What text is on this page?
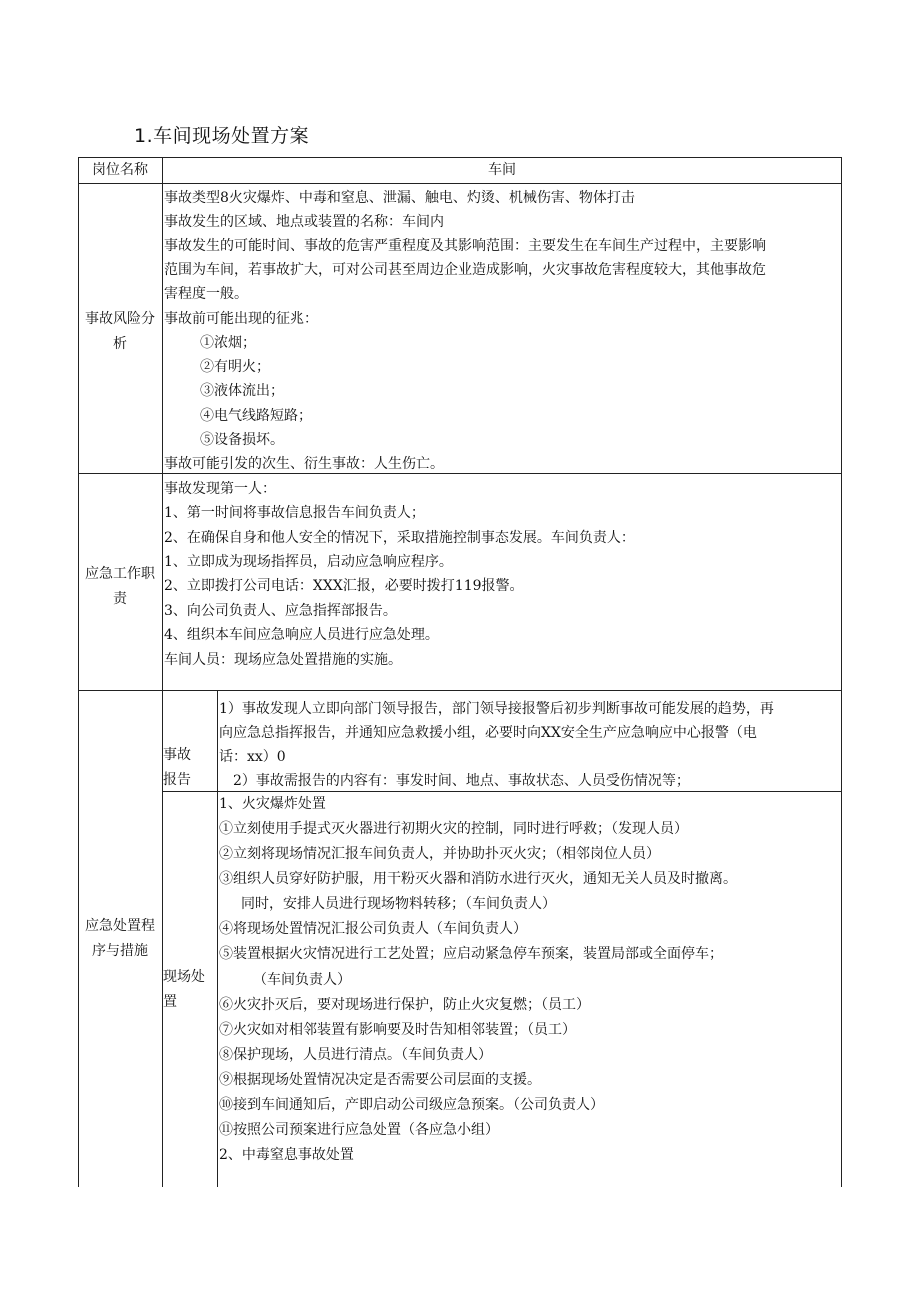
1.车间现场处置方案
岗位名称	车间
事故风险分
析
事故类型8火灾爆炸、中毒和窒息、泄漏、触电、灼烫、机械伤害、物体打击
事故发生的区域、地点或装置的名称：车间内
事故发生的可能时间、事故的危害严重程度及其影响范围：主要发生在车间生产过程中，主要影响
范围为车间，若事故扩大，可对公司甚至周边企业造成影响，火灾事故危害程度较大，其他事故危
害程度一般。
事故前可能出现的征兆：
①浓烟；
②有明火；
③液体流出；
④电气线路短路；
⑤设备损坏。
事故可能引发的次生、衍生事故：人生伤亡。
应急工作职
责
事故发现第一人：
1、第一时间将事故信息报告车间负责人；
2、在确保自身和他人安全的情况下，采取措施控制事态发展。车间负责人：
1、立即成为现场指挥员，启动应急响应程序。
2、立即拨打公司电话：XXX汇报，必要时拨打119报警。
3、向公司负责人、应急指挥部报告。
4、组织本车间应急响应人员进行应急处理。
车间人员：现场应急处置措施的实施。
应急处置程
序与措施
事故
报告
1）事故发现人立即向部门领导报告，部门领导接报警后初步判断事故可能发展的趋势，再
向应急总指挥报告，并通知应急救援小组，必要时向XX安全生产应急响应中心报警（电
话：xx）0
2）事故需报告的内容有：事发时间、地点、事故状态、人员受伤情况等；
现场处
置
1、火灾爆炸处置
①立刻使用手提式灭火器进行初期火灾的控制，同时进行呼救；（发现人员）
②立刻将现场情况汇报车间负责人，并协助扑灭火灾；（相邻岗位人员）
③组织人员穿好防护服，用干粉灭火器和消防水进行灭火，通知无关人员及时撤离。
同时，安排人员进行现场物料转移；（车间负责人）
④将现场处置情况汇报公司负责人（车间负责人）
⑤装置根据火灾情况进行工艺处置；应启动紧急停车预案，装置局部或全面停车；
（车间负责人）
⑥火灾扑灭后，要对现场进行保护，防止火灾复燃；（员工）
⑦火灾如对相邻装置有影响要及时告知相邻装置；（员工）
⑧保护现场，人员进行清点。（车间负责人）
⑨根据现场处置情况决定是否需要公司层面的支援。
⑩接到车间通知后，产即启动公司级应急预案。（公司负责人）
⑪按照公司预案进行应急处置（各应急小组）
2、中毒窒息事故处置
